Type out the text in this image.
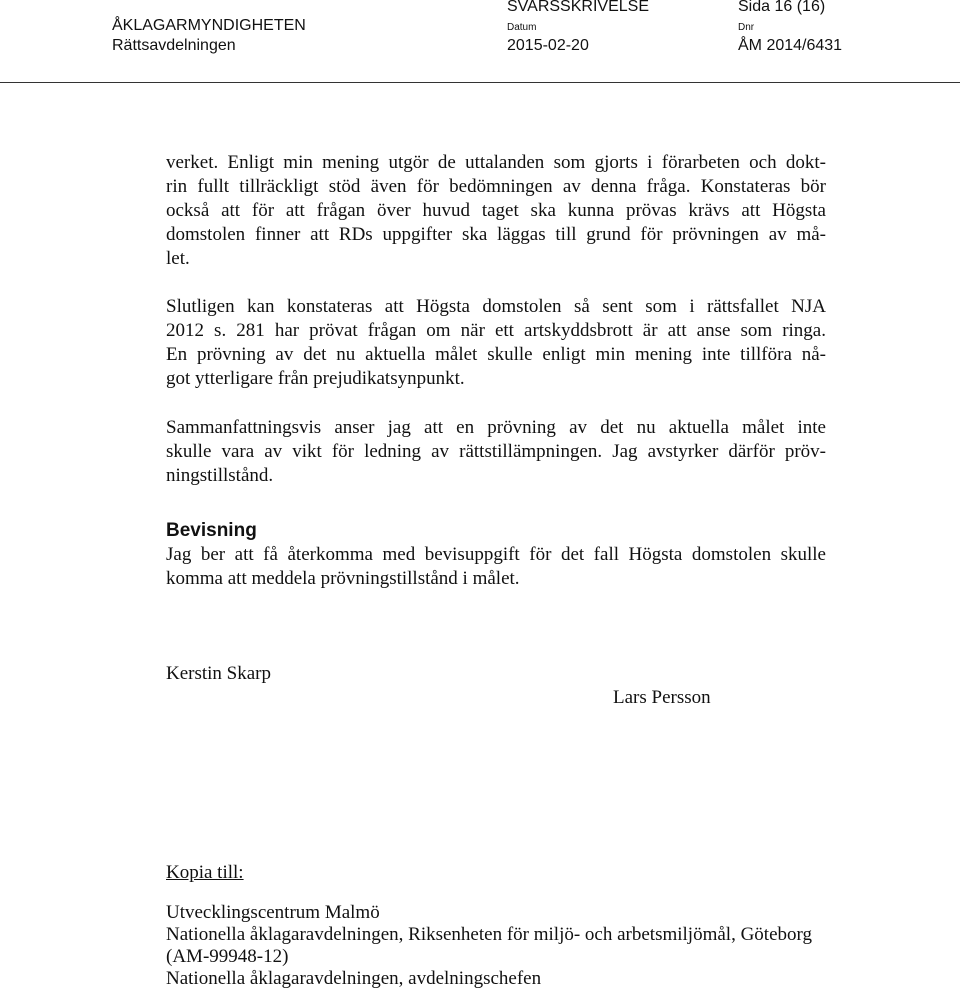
ÅKLAGARMYNDIGHETEN
Rättsavdelningen
SVARSSKRIVELSE	Sida 16 (16)
Datum
2015-02-20
Dnr
ÅM 2014/6431
verket. Enligt min mening utgör de uttalanden som gjorts i förarbeten och dokt-
rin fullt tillräckligt stöd även för bedömningen av denna fråga. Konstateras bör
också att för att frågan över huvud taget ska kunna prövas krävs att Högsta
domstolen finner att RDs uppgifter ska läggas till grund för prövningen av må-
let.
Slutligen kan konstateras att Högsta domstolen så sent som i rättsfallet NJA
2012 s. 281 har prövat frågan om när ett artskyddsbrott är att anse som ringa.
En prövning av det nu aktuella målet skulle enligt min mening inte tillföra nå-
got ytterligare från prejudikatsynpunkt.
Sammanfattningsvis anser jag att en prövning av det nu aktuella målet inte
skulle vara av vikt för ledning av rättstillämpningen. Jag avstyrker därför pröv-
ningstillstånd.
Bevisning
Jag ber att få återkomma med bevisuppgift för det fall Högsta domstolen skulle
komma att meddela prövningstillstånd i målet.
Kerstin Skarp
Lars Persson
Kopia till:
Utvecklingscentrum Malmö
Nationella åklagaravdelningen, Riksenheten för miljö- och arbetsmiljömål, Göteborg
(AM-99948-12)
Nationella åklagaravdelningen, avdelningschefen
